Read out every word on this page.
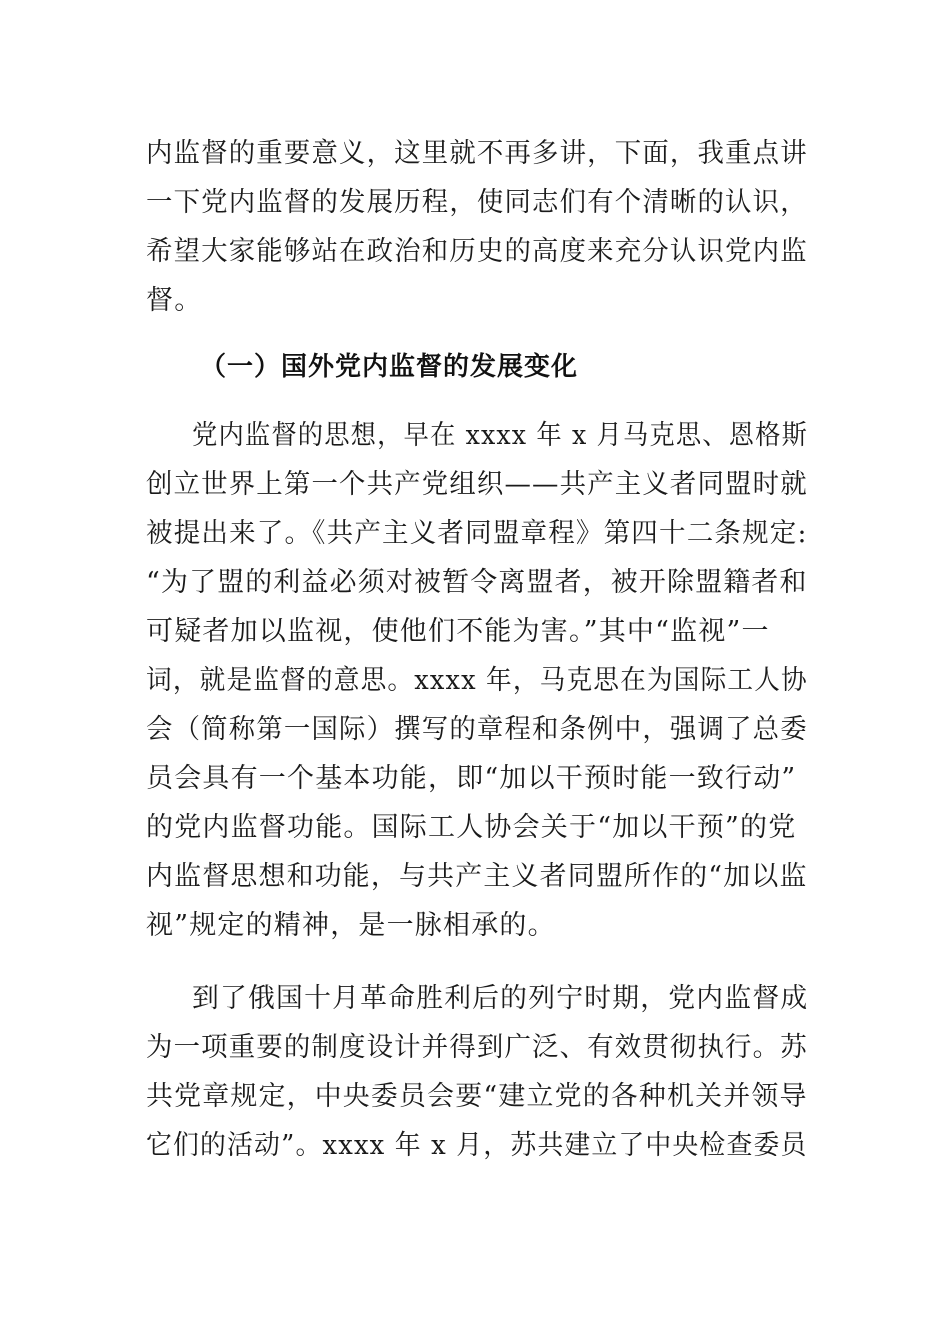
内监督的重要意义，这里就不再多讲，下面，我重点讲
一下党内监督的发展历程，使同志们有个清晰的认识，
希望大家能够站在政治和历史的高度来充分认识党内监
督。
（一）国外党内监督的发展变化
党内监督的思想，早在 xxxx 年 x 月马克思、恩格斯
创立世界上第一个共产党组织——共产主义者同盟时就
被提出来了。《共产主义者同盟章程》第四十二条规定:
“为了盟的利益必须对被暂令离盟者，被开除盟籍者和
可疑者加以监视，使他们不能为害。”其中“监视”一
词，就是监督的意思。xxxx 年，马克思在为国际工人协
会（简称第一国际）撰写的章程和条例中，强调了总委
员会具有一个基本功能，即“加以干预时能一致行动”
的党内监督功能。国际工人协会关于“加以干预”的党
内监督思想和功能，与共产主义者同盟所作的“加以监
视”规定的精神，是一脉相承的。
到了俄国十月革命胜利后的列宁时期，党内监督成
为一项重要的制度设计并得到广泛、有效贯彻执行。苏
共党章规定，中央委员会要“建立党的各种机关并领导
它们的活动”。xxxx 年 x 月，苏共建立了中央检查委员
